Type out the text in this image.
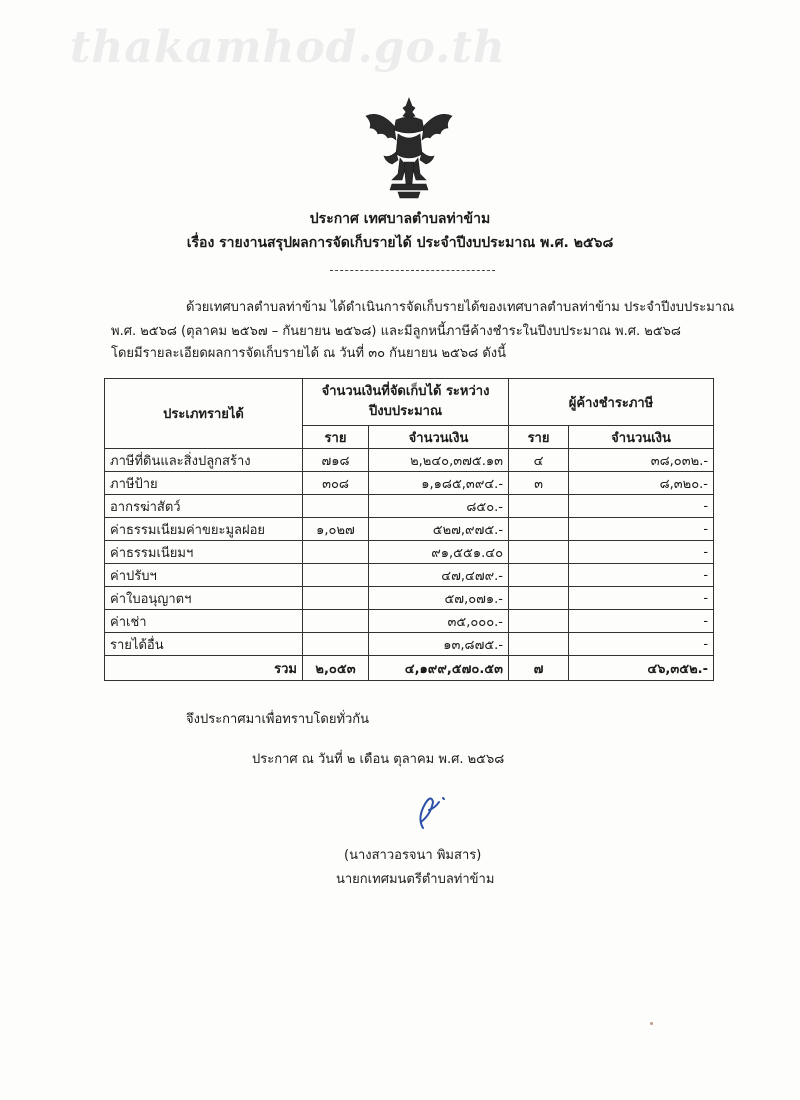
thakamhod.go.th
ประกาศ เทศบาลตำบลท่าข้าม
เรื่อง รายงานสรุปผลการจัดเก็บรายได้ ประจำปีงบประมาณ พ.ศ. ๒๕๖๘
ด้วยเทศบาลตำบลท่าข้าม ได้ดำเนินการจัดเก็บรายได้ของเทศบาลตำบลท่าข้าม ประจำปีงบประมาณ
พ.ศ. ๒๕๖๘ (ตุลาคม ๒๕๖๗ – กันยายน ๒๕๖๘) และมีลูกหนี้ภาษีค้างชำระในปีงบประมาณ พ.ศ. ๒๕๖๘
โดยมีรายละเอียดผลการจัดเก็บรายได้ ณ วันที่ ๓๐ กันยายน ๒๕๖๘ ดังนี้
ประเภทรายได้	จำนวนเงินที่จัดเก็บได้ ระหว่างปีงบประมาณ		ผู้ค้างชำระภาษี	
	ราย	จำนวนเงิน	ราย	จำนวนเงิน
ภาษีที่ดินและสิ่งปลูกสร้าง	๗๑๘	๒,๒๔๐,๓๗๕.๑๓	๔	๓๘,๐๓๒.-
ภาษีป้าย	๓๐๘	๑,๑๘๕,๓๙๔.-	๓	๘,๓๒๐.-
อากรฆ่าสัตว์		๘๕๐.-		-
ค่าธรรมเนียมค่าขยะมูลฝอย	๑,๐๒๗	๕๒๗,๙๗๕.-		-
ค่าธรรมเนียมฯ		๙๑,๕๕๑.๔๐		-
ค่าปรับฯ		๔๗,๔๗๙.-		-
ค่าใบอนุญาตฯ		๕๗,๐๗๑.-		-
ค่าเช่า		๓๕,๐๐๐.-		-
รายได้อื่น		๑๓,๘๗๕.-		-
รวม	๒,๐๕๓	๔,๑๙๙,๕๗๐.๕๓	๗	๔๖,๓๕๒.-
จึงประกาศมาเพื่อทราบโดยทั่วกัน
ประกาศ ณ วันที่ ๒ เดือน ตุลาคม พ.ศ. ๒๕๖๘
(นางสาวอรจนา พิมสาร)
นายกเทศมนตรีตำบลท่าข้าม
